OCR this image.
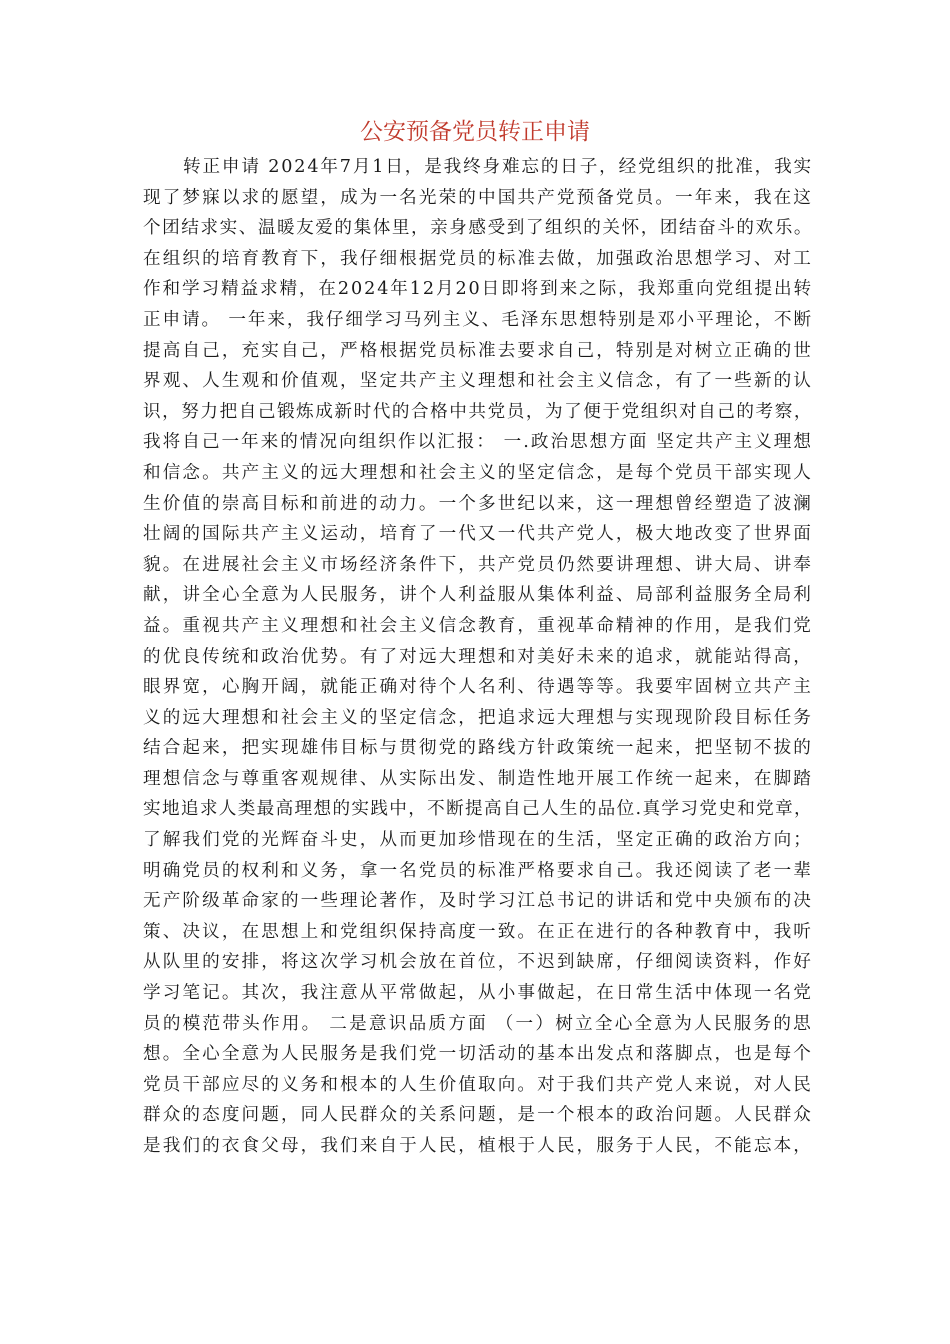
公安预备党员转正申请
转正申请 2024年7月1日，是我终身难忘的日子，经党组织的批准，我实
现了梦寐以求的愿望，成为一名光荣的中国共产党预备党员。一年来，我在这
个团结求实、温暖友爱的集体里，亲身感受到了组织的关怀，团结奋斗的欢乐。
在组织的培育教育下，我仔细根据党员的标准去做，加强政治思想学习、对工
作和学习精益求精，在2024年12月20日即将到来之际，我郑重向党组提出转
正申请。 一年来，我仔细学习马列主义、毛泽东思想特别是邓小平理论，不断
提高自己，充实自己，严格根据党员标准去要求自己，特别是对树立正确的世
界观、人生观和价值观，坚定共产主义理想和社会主义信念，有了一些新的认
识，努力把自己锻炼成新时代的合格中共党员，为了便于党组织对自己的考察，
我将自己一年来的情况向组织作以汇报： 一.政治思想方面 坚定共产主义理想
和信念。共产主义的远大理想和社会主义的坚定信念，是每个党员干部实现人
生价值的崇高目标和前进的动力。一个多世纪以来，这一理想曾经塑造了波澜
壮阔的国际共产主义运动，培育了一代又一代共产党人，极大地改变了世界面
貌。在进展社会主义市场经济条件下，共产党员仍然要讲理想、讲大局、讲奉
献，讲全心全意为人民服务，讲个人利益服从集体利益、局部利益服务全局利
益。重视共产主义理想和社会主义信念教育，重视革命精神的作用，是我们党
的优良传统和政治优势。有了对远大理想和对美好未来的追求，就能站得高，
眼界宽，心胸开阔，就能正确对待个人名利、待遇等等。我要牢固树立共产主
义的远大理想和社会主义的坚定信念，把追求远大理想与实现现阶段目标任务
结合起来，把实现雄伟目标与贯彻党的路线方针政策统一起来，把坚韧不拔的
理想信念与尊重客观规律、从实际出发、制造性地开展工作统一起来，在脚踏
实地追求人类最高理想的实践中，不断提高自己人生的品位.真学习党史和党章，
了解我们党的光辉奋斗史，从而更加珍惜现在的生活，坚定正确的政治方向；
明确党员的权利和义务，拿一名党员的标准严格要求自己。我还阅读了老一辈
无产阶级革命家的一些理论著作，及时学习江总书记的讲话和党中央颁布的决
策、决议，在思想上和党组织保持高度一致。在正在进行的各种教育中，我听
从队里的安排，将这次学习机会放在首位，不迟到缺席，仔细阅读资料，作好
学习笔记。其次，我注意从平常做起，从小事做起，在日常生活中体现一名党
员的模范带头作用。 二是意识品质方面 （一）树立全心全意为人民服务的思
想。全心全意为人民服务是我们党一切活动的基本出发点和落脚点，也是每个
党员干部应尽的义务和根本的人生价值取向。对于我们共产党人来说，对人民
群众的态度问题，同人民群众的关系问题，是一个根本的政治问题。人民群众
是我们的衣食父母，我们来自于人民，植根于人民，服务于人民，不能忘本，
